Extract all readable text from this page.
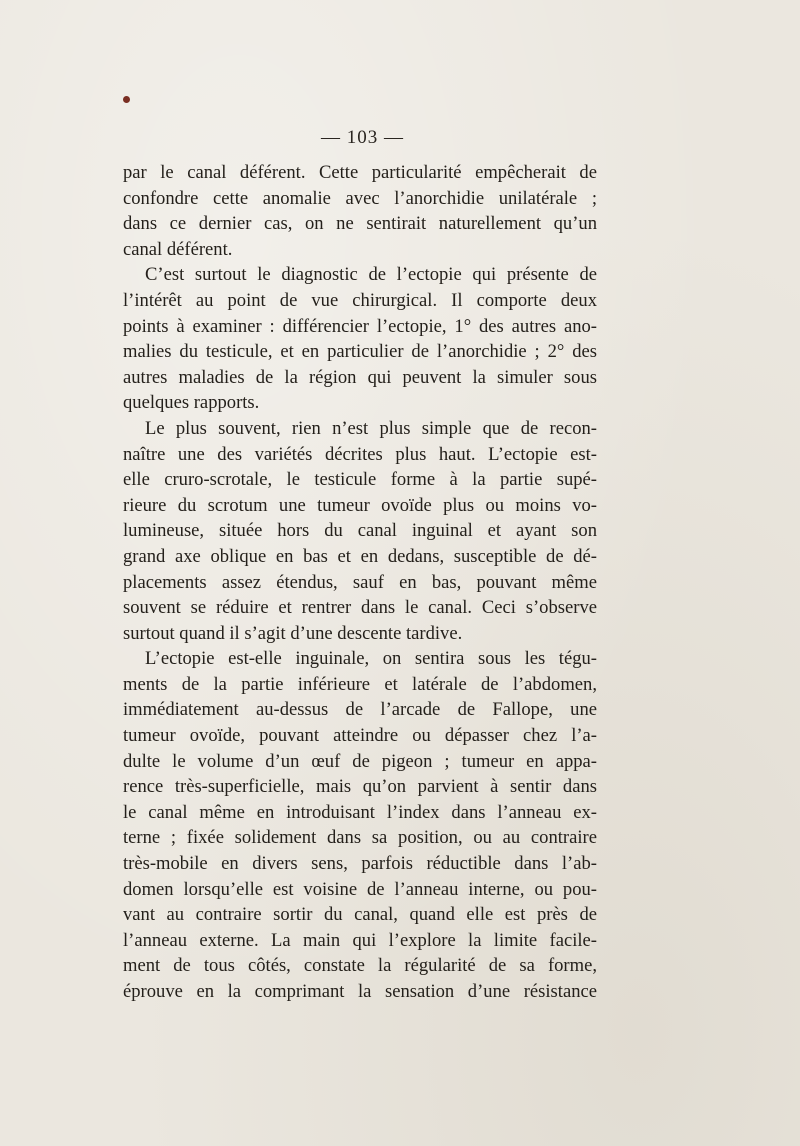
— 103 —
par le canal déférent. Cette particularité empêcherait de
confondre cette anomalie avec l’anorchidie unilatérale ;
dans ce dernier cas, on ne sentirait naturellement qu’un
canal déférent.
C’est surtout le diagnostic de l’ectopie qui présente de
l’intérêt au point de vue chirurgical. Il comporte deux
points à examiner : différencier l’ectopie, 1° des autres ano-
malies du testicule, et en particulier de l’anorchidie ; 2° des
autres maladies de la région qui peuvent la simuler sous
quelques rapports.
Le plus souvent, rien n’est plus simple que de recon-
naître une des variétés décrites plus haut. L’ectopie est-
elle cruro-scrotale, le testicule forme à la partie supé-
rieure du scrotum une tumeur ovoïde plus ou moins vo-
lumineuse, située hors du canal inguinal et ayant son
grand axe oblique en bas et en dedans, susceptible de dé-
placements assez étendus, sauf en bas, pouvant même
souvent se réduire et rentrer dans le canal. Ceci s’observe
surtout quand il s’agit d’une descente tardive.
L’ectopie est-elle inguinale, on sentira sous les tégu-
ments de la partie inférieure et latérale de l’abdomen,
immédiatement au-dessus de l’arcade de Fallope, une
tumeur ovoïde, pouvant atteindre ou dépasser chez l’a-
dulte le volume d’un œuf de pigeon ; tumeur en appa-
rence très-superficielle, mais qu’on parvient à sentir dans
le canal même en introduisant l’index dans l’anneau ex-
terne ; fixée solidement dans sa position, ou au contraire
très-mobile en divers sens, parfois réductible dans l’ab-
domen lorsqu’elle est voisine de l’anneau interne, ou pou-
vant au contraire sortir du canal, quand elle est près de
l’anneau externe. La main qui l’explore la limite facile-
ment de tous côtés, constate la régularité de sa forme,
éprouve en la comprimant la sensation d’une résistance
